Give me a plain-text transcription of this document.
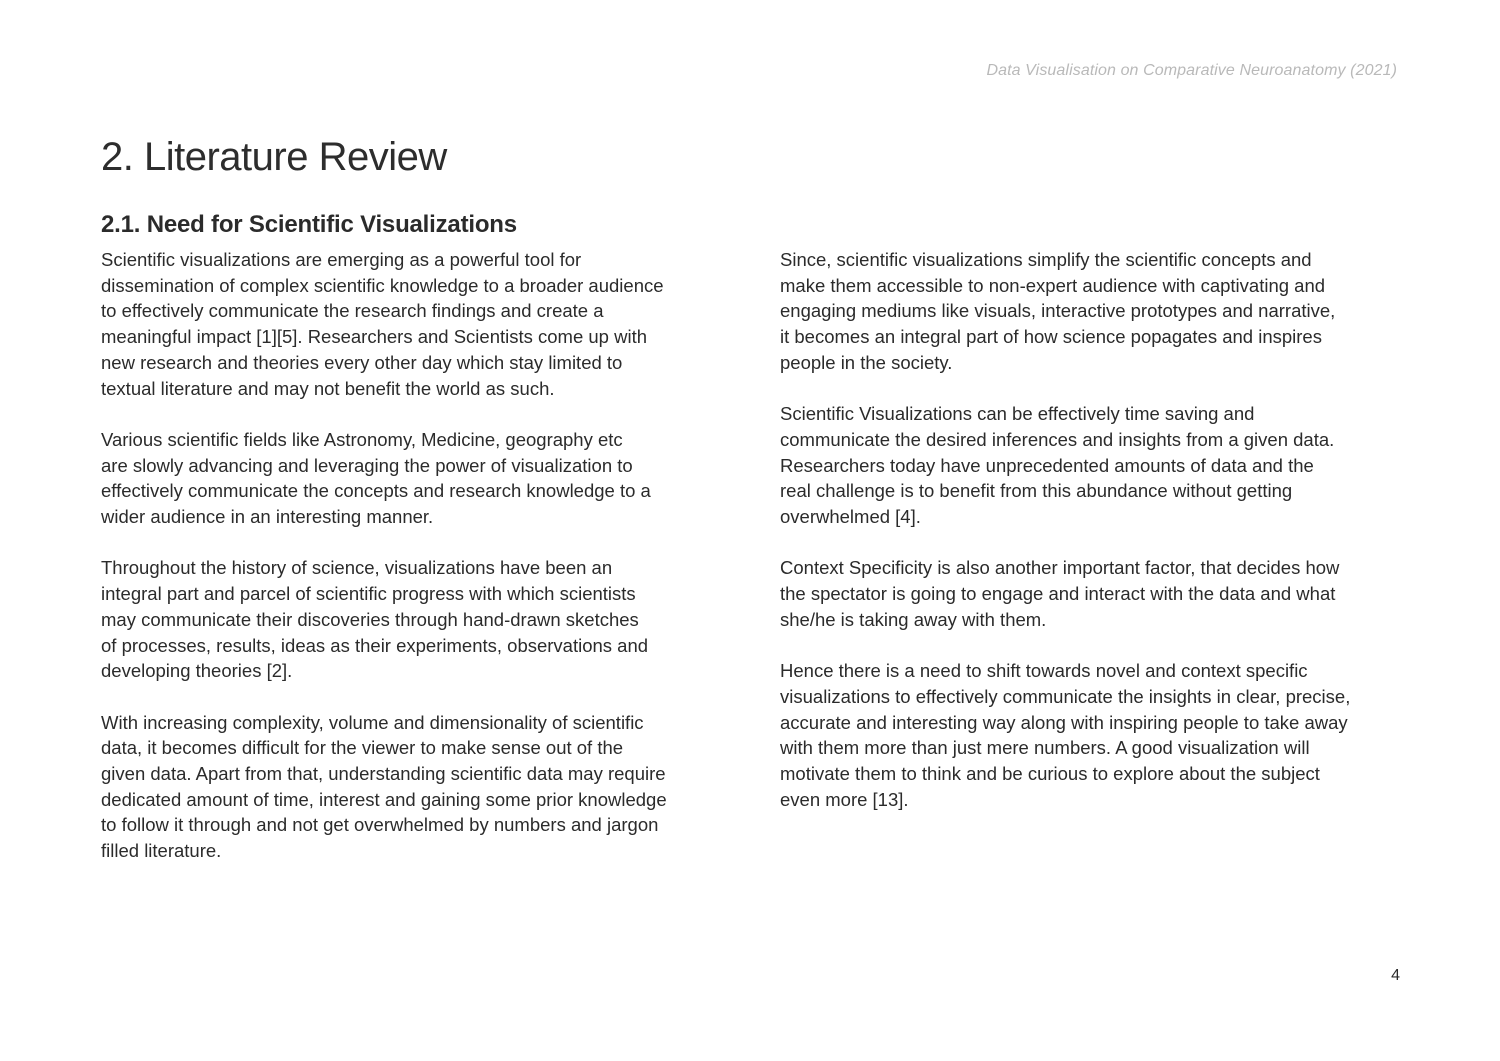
Data Visualisation on Comparative Neuroanatomy (2021)
2. Literature Review
2.1. Need for Scientific Visualizations

Scientific visualizations are emerging as a powerful tool for
dissemination of complex scientific knowledge to a broader audience
to effectively communicate the research findings and create a
meaningful impact [1][5]. Researchers and Scientists come up with
new research and theories every other day which stay limited to
textual literature and may not benefit the world as such.

Various scientific fields like Astronomy, Medicine, geography etc
are slowly advancing and leveraging the power of visualization to
effectively communicate the concepts and research knowledge to a
wider audience in an interesting manner.

Throughout the history of science, visualizations have been an
integral part and parcel of scientific progress with which scientists
may communicate their discoveries through hand-drawn sketches
of processes, results, ideas as their experiments, observations and
developing theories [2].

With increasing complexity, volume and dimensionality of scientific
data, it becomes difficult for the viewer to make sense out of the
given data. Apart from that, understanding scientific data may require
dedicated amount of time, interest and gaining some prior knowledge
to follow it through and not get overwhelmed by numbers and jargon
filled literature.

Since, scientific visualizations simplify the scientific concepts and
make them accessible to non-expert audience with captivating and
engaging mediums like visuals, interactive prototypes and narrative,
it becomes an integral part of how science popagates and inspires
people in the society.

Scientific Visualizations can be effectively time saving and
communicate the desired inferences and insights from a given data.
Researchers today have unprecedented amounts of data and the
real challenge is to benefit from this abundance without getting
overwhelmed [4].

Context Specificity is also another important factor, that decides how
the spectator is going to engage and interact with the data and what
she/he is taking away with them.

Hence there is a need to shift towards novel and context specific
visualizations to effectively communicate the insights in clear, precise,
accurate and interesting way along with inspiring people to take away
with them more than just mere numbers. A good visualization will
motivate them to think and be curious to explore about the subject
even more [13].

4
